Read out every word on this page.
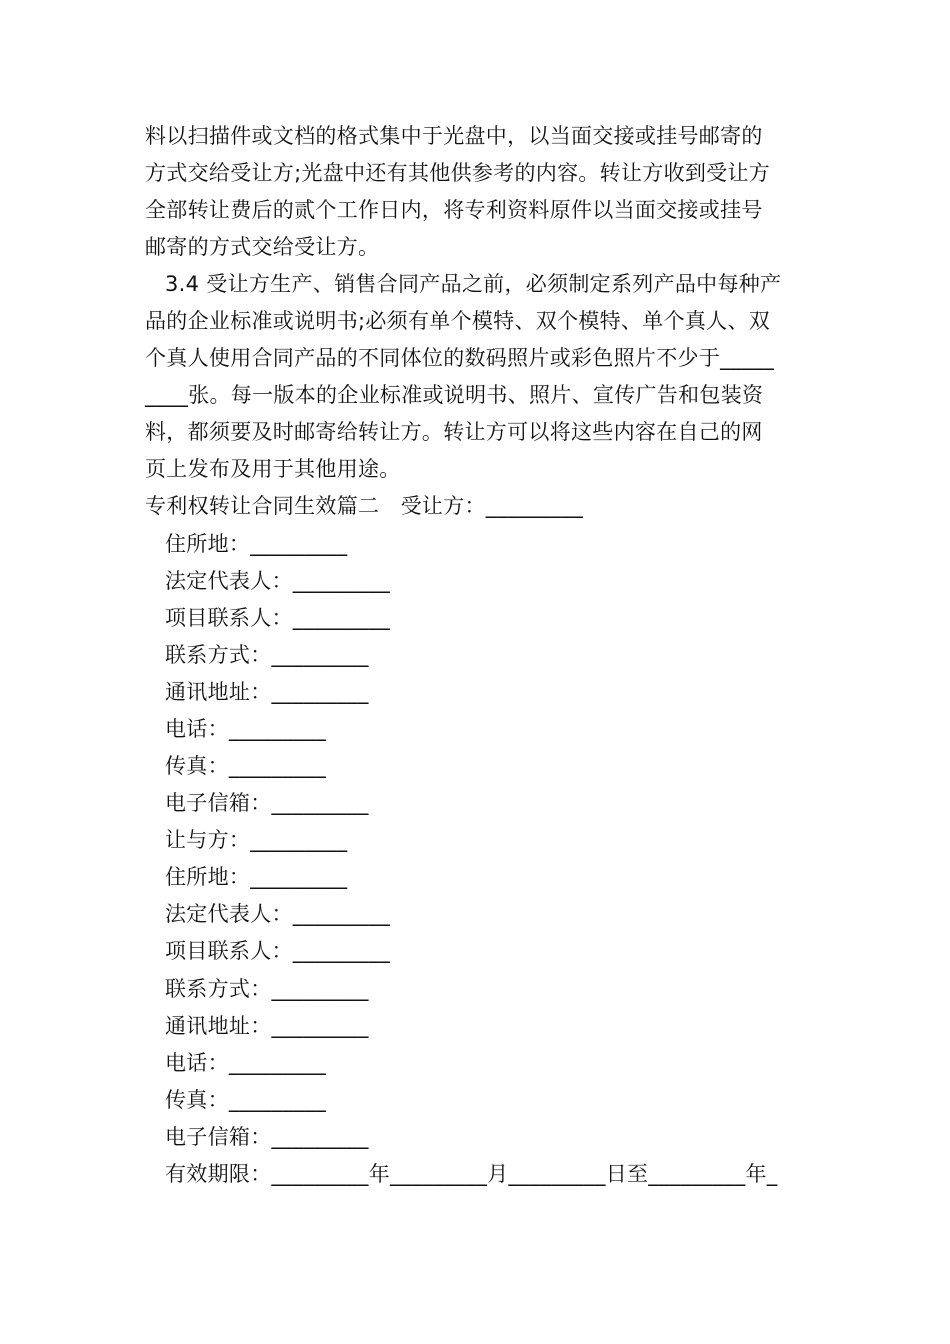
料以扫描件或文档的格式集中于光盘中，以当面交接或挂号邮寄的
方式交给受让方;光盘中还有其他供参考的内容。转让方收到受让方
全部转让费后的贰个工作日内，将专利资料原件以当面交接或挂号
邮寄的方式交给受让方。
3.4 受让方生产、销售合同产品之前，必须制定系列产品中每种产
品的企业标准或说明书;必须有单个模特、双个模特、单个真人、双
个真人使用合同产品的不同体位的数码照片或彩色照片不少于_____
____张。每一版本的企业标准或说明书、照片、宣传广告和包装资
料，都须要及时邮寄给转让方。转让方可以将这些内容在自己的网
页上发布及用于其他用途。
专利权转让合同生效篇二　受让方：_________
住所地：_________
法定代表人：_________
项目联系人：_________
联系方式：_________
通讯地址：_________
电话：_________
传真：_________
电子信箱：_________
让与方：_________
住所地：_________
法定代表人：_________
项目联系人：_________
联系方式：_________
通讯地址：_________
电话：_________
传真：_________
电子信箱：_________
有效期限：_________年_________月_________日至_________年_
